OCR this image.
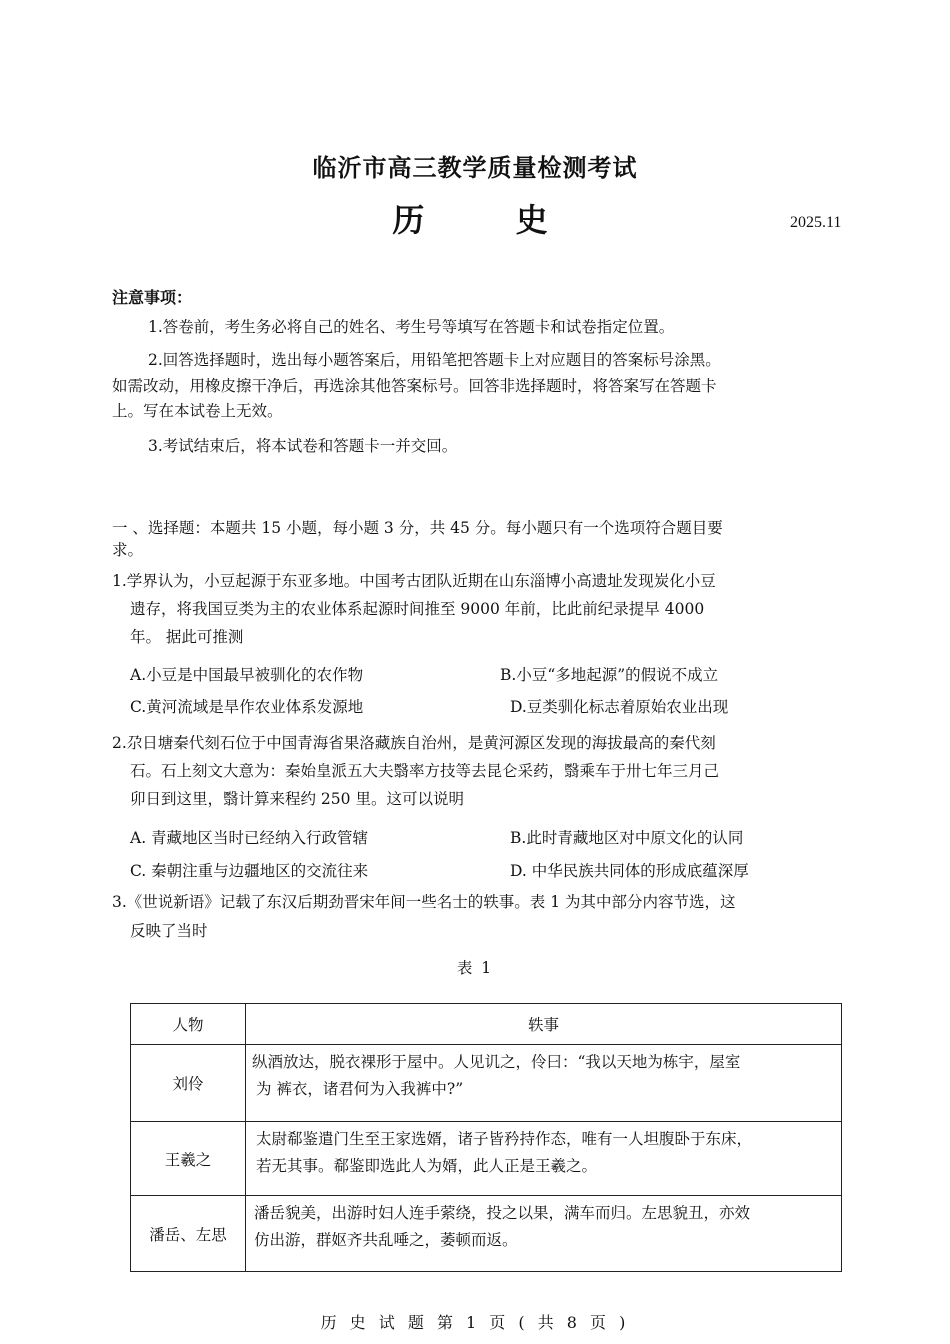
临沂市高三教学质量检测考试
历 史	2025.11
注意事项：
1.答卷前，考生务必将自己的姓名、考生号等填写在答题卡和试卷指定位置。
2.回答选择题时，选出每小题答案后，用铅笔把答题卡上对应题目的答案标号涂黑。
如需改动，用橡皮擦干净后，再选涂其他答案标号。回答非选择题时，将答案写在答题卡
上。写在本试卷上无效。
3.考试结束后，将本试卷和答题卡一并交回。
一 、选择题：本题共 15 小题，每小题 3 分，共 45 分。每小题只有一个选项符合题目要
求。
1.学界认为，小豆起源于东亚多地。中国考古团队近期在山东淄博小高遗址发现炭化小豆
遗存，将我国豆类为主的农业体系起源时间推至 9000 年前，比此前纪录提早 4000
年。 据此可推测
A.小豆是中国最早被驯化的农作物	B.小豆“多地起源”的假说不成立
C.黄河流域是旱作农业体系发源地	D.豆类驯化标志着原始农业出现
2.尕日塘秦代刻石位于中国青海省果洛藏族自治州，是黄河源区发现的海拔最高的秦代刻
石。石上刻文大意为：秦始皇派五大夫翳率方技等去昆仑采药，翳乘车于卅七年三月己
卯日到这里，翳计算来程约 250 里。这可以说明
A. 青藏地区当时已经纳入行政管辖	B.此时青藏地区对中原文化的认同
C. 秦朝注重与边疆地区的交流往来	D. 中华民族共同体的形成底蕴深厚
3.《世说新语》记载了东汉后期劲晋宋年间一些名士的轶事。表 1 为其中部分内容节选，这
反映了当时
表 1
人物	轶事
刘伶	纵酒放达，脱衣裸形于屋中。人见讥之，伶曰：“我以天地为栋宇，屋室
为 裤衣，诸君何为入我裤中?”

王羲之	太尉郗鉴遣门生至王家选婿，诸子皆矜持作态，唯有一人坦腹卧于东床，
若无其事。郗鉴即选此人为婿，此人正是王羲之。

潘岳、左思	潘岳貌美，出游时妇人连手萦绕，投之以果，满车而归。左思貌丑，亦效
仿出游，群妪齐共乱唾之，萎顿而返。
历 史 试 题 第 1 页 ( 共 8 页 )
